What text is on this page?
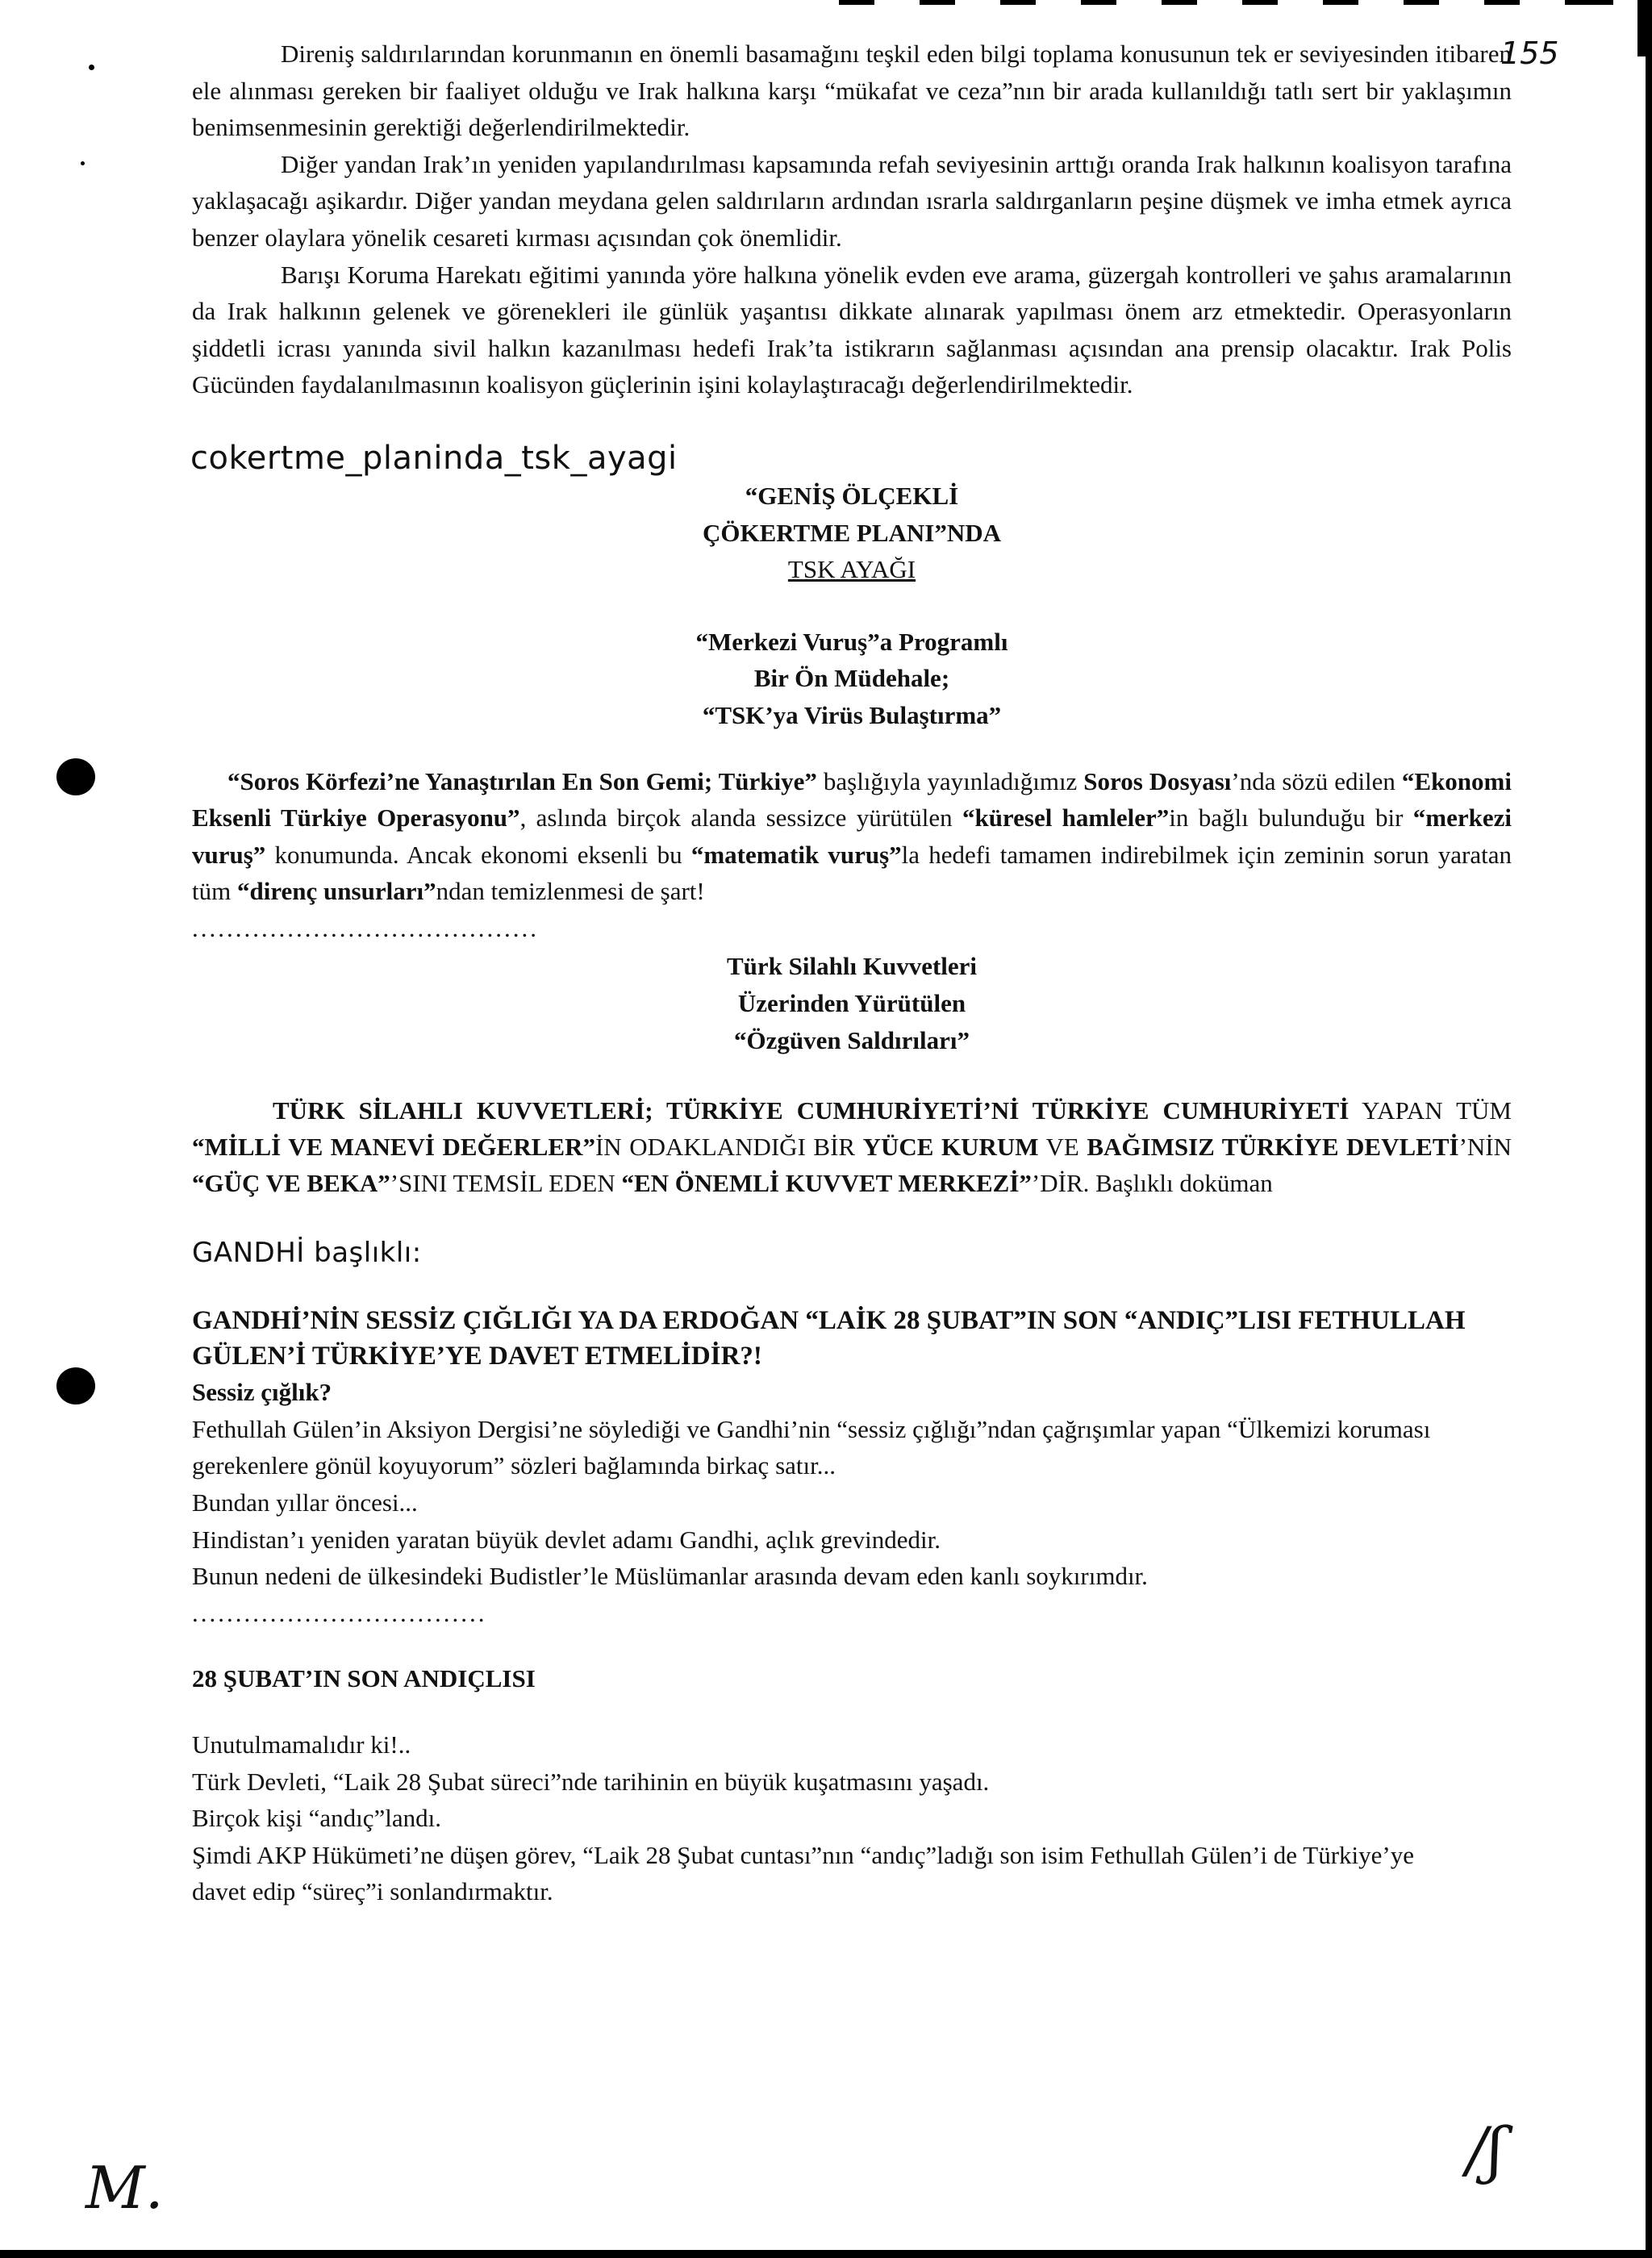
155

Direniş saldırılarından korunmanın en önemli basamağını teşkil eden bilgi toplama konusunun tek er seviyesinden itibaren ele alınması gereken bir faaliyet olduğu ve Irak halkına karşı “mükafat ve ceza”nın bir arada kullanıldığı tatlı sert bir yaklaşımın benimsenmesinin gerektiği değerlendirilmektedir.

Diğer yandan Irak’ın yeniden yapılandırılması kapsamında refah seviyesinin arttığı oranda Irak halkının koalisyon tarafına yaklaşacağı aşikardır. Diğer yandan meydana gelen saldırıların ardından ısrarla saldırganların peşine düşmek ve imha etmek ayrıca benzer olaylara yönelik cesareti kırması açısından çok önemlidir.

Barışı Koruma Harekatı eğitimi yanında yöre halkına yönelik evden eve arama, güzergah kontrolleri ve şahıs aramalarının da Irak halkının gelenek ve görenekleri ile günlük yaşantısı dikkate alınarak yapılması önem arz etmektedir. Operasyonların şiddetli icrası yanında sivil halkın kazanılması hedefi Irak’ta istikrarın sağlanması açısından ana prensip olacaktır. Irak Polis Gücünden faydalanılmasının koalisyon güçlerinin işini kolaylaştıracağı değerlendirilmektedir.

cokertme_planinda_tsk_ayagi

“GENİŞ ÖLÇEKLİ

ÇÖKERTME PLANI”NDA

TSK AYAĞI

“Merkezi Vuruş”a Programlı

Bir Ön Müdehale;

“TSK’ya Virüs Bulaştırma”

“Soros Körfezi’ne Yanaştırılan En Son Gemi; Türkiye” başlığıyla yayınladığımız Soros Dosyası’nda sözü edilen “Ekonomi Eksenli Türkiye Operasyonu”, aslında birçok alanda sessizce yürütülen “küresel hamleler”in bağlı bulunduğu bir “merkezi vuruş” konumunda. Ancak ekonomi eksenli bu “matematik vuruş”la hedefi tamamen indirebilmek için zeminin sorun yaratan tüm “direnç unsurları”ndan temizlenmesi de şart!

........................................

Türk Silahlı Kuvvetleri

Üzerinden Yürütülen

“Özgüven Saldırıları”

TÜRK SİLAHLI KUVVETLERİ; TÜRKİYE CUMHURİYETİ’Nİ TÜRKİYE CUMHURİYETİ YAPAN TÜM “MİLLİ VE MANEVİ DEĞERLER”İN ODAKLANDIĞI BİR YÜCE KURUM VE BAĞIMSIZ TÜRKİYE DEVLETİ’NİN “GÜÇ VE BEKA”’SINI TEMSİL EDEN “EN ÖNEMLİ KUVVET MERKEZİ”’DİR. Başlıklı doküman

GANDHİ başlıklı:

GANDHİ’NİN SESSİZ ÇIĞLIĞI YA DA ERDOĞAN “LAİK 28 ŞUBAT”IN SON “ANDIÇ”LISI FETHULLAH GÜLEN’İ TÜRKİYE’YE DAVET ETMELİDİR?!

Sessiz çığlık?

Fethullah Gülen’in Aksiyon Dergisi’ne söylediği ve Gandhi’nin “sessiz çığlığı”ndan çağrışımlar yapan “Ülkemizi koruması gerekenlere gönül koyuyorum” sözleri bağlamında birkaç satır...

Bundan yıllar öncesi...

Hindistan’ı yeniden yaratan büyük devlet adamı Gandhi, açlık grevindedir.

Bunun nedeni de ülkesindeki Budistler’le Müslümanlar arasında devam eden kanlı soykırımdır.

..................................

28 ŞUBAT’IN SON ANDIÇLISI

Unutulmamalıdır ki!..

Türk Devleti, “Laik 28 Şubat süreci”nde tarihinin en büyük kuşatmasını yaşadı.

Birçok kişi “andıç”landı.

Şimdi AKP Hükümeti’ne düşen görev, “Laik 28 Şubat cuntası”nın “andıç”ladığı son isim Fethullah Gülen’i de Türkiye’ye davet edip “süreç”i sonlandırmaktır.

M.
/ʃ
